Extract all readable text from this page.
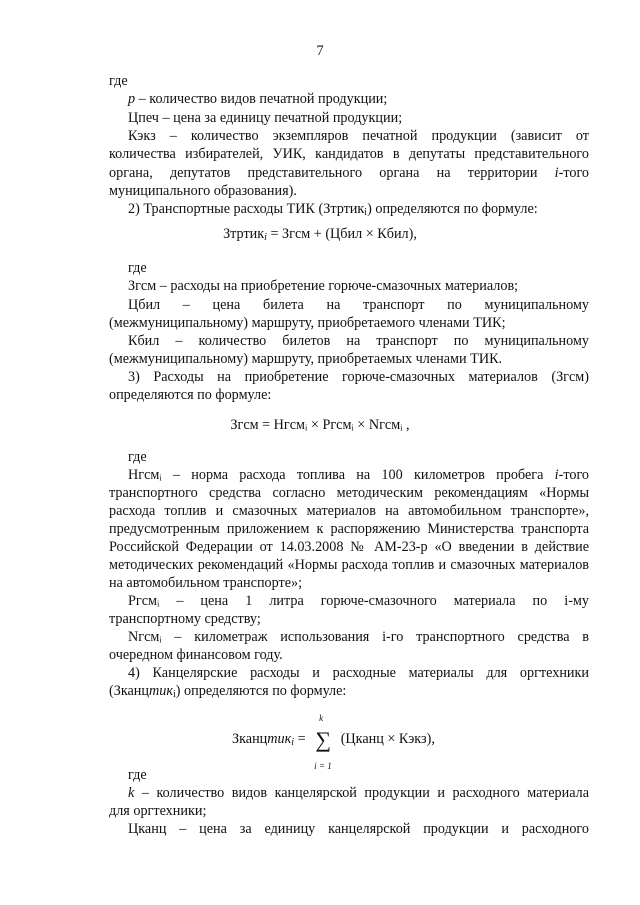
7
где
р – количество видов печатной продукции;
Цпеч – цена за единицу печатной продукции;
Кэкз – количество экземпляров печатной продукции (зависит от
количества избирателей, УИК, кандидатов в депутаты представительного
органа, депутатов представительного органа на территории i-того
муниципального образования).
2) Транспортные расходы ТИК (Зтртик$_i$) определяются по формуле:
Зтртик$_i$ = Згсм + (Цбил × Кбил),
где
Згсм – расходы на приобретение горюче-смазочных материалов;
Цбил – цена билета на транспорт по муниципальному
(межмуниципальному) маршруту, приобретаемого членами ТИК;
Кбил – количество билетов на транспорт по муниципальному
(межмуниципальному) маршруту, приобретаемых членами ТИК.
3) Расходы на приобретение горюче-смазочных материалов (Згсм)
определяются по формуле:
Згсм = Нгсмᵢ × Ргсмᵢ × Nгсмᵢ ,
где
Нгсмᵢ – норма расхода топлива на 100 километров пробега i-того
транспортного средства согласно методическим рекомендациям «Нормы
расхода топлив и смазочных материалов на автомобильном транспорте»,
предусмотренным приложением к распоряжению Министерства транспорта
Российской Федерации от 14.03.2008 № АМ-23-р «О введении в действие
методических рекомендаций «Нормы расхода топлив и смазочных материалов
на автомобильном транспорте»;
Ргсмᵢ – цена 1 литра горюче-смазочного материала по i-му
транспортному средству;
Nгсмᵢ – километраж использования i-го транспортного средства в
очередном финансовом году.
4) Канцелярские расходы и расходные материалы для оргтехники
(Зканцтик$_i$) определяются по формуле:
Зканцтик$_i$ =
k
∑
i = 1
(Цканц × Кэкз),
где
k – количество видов канцелярской продукции и расходного материала
для оргтехники;
Цканц – цена за единицу канцелярской продукции и расходного
